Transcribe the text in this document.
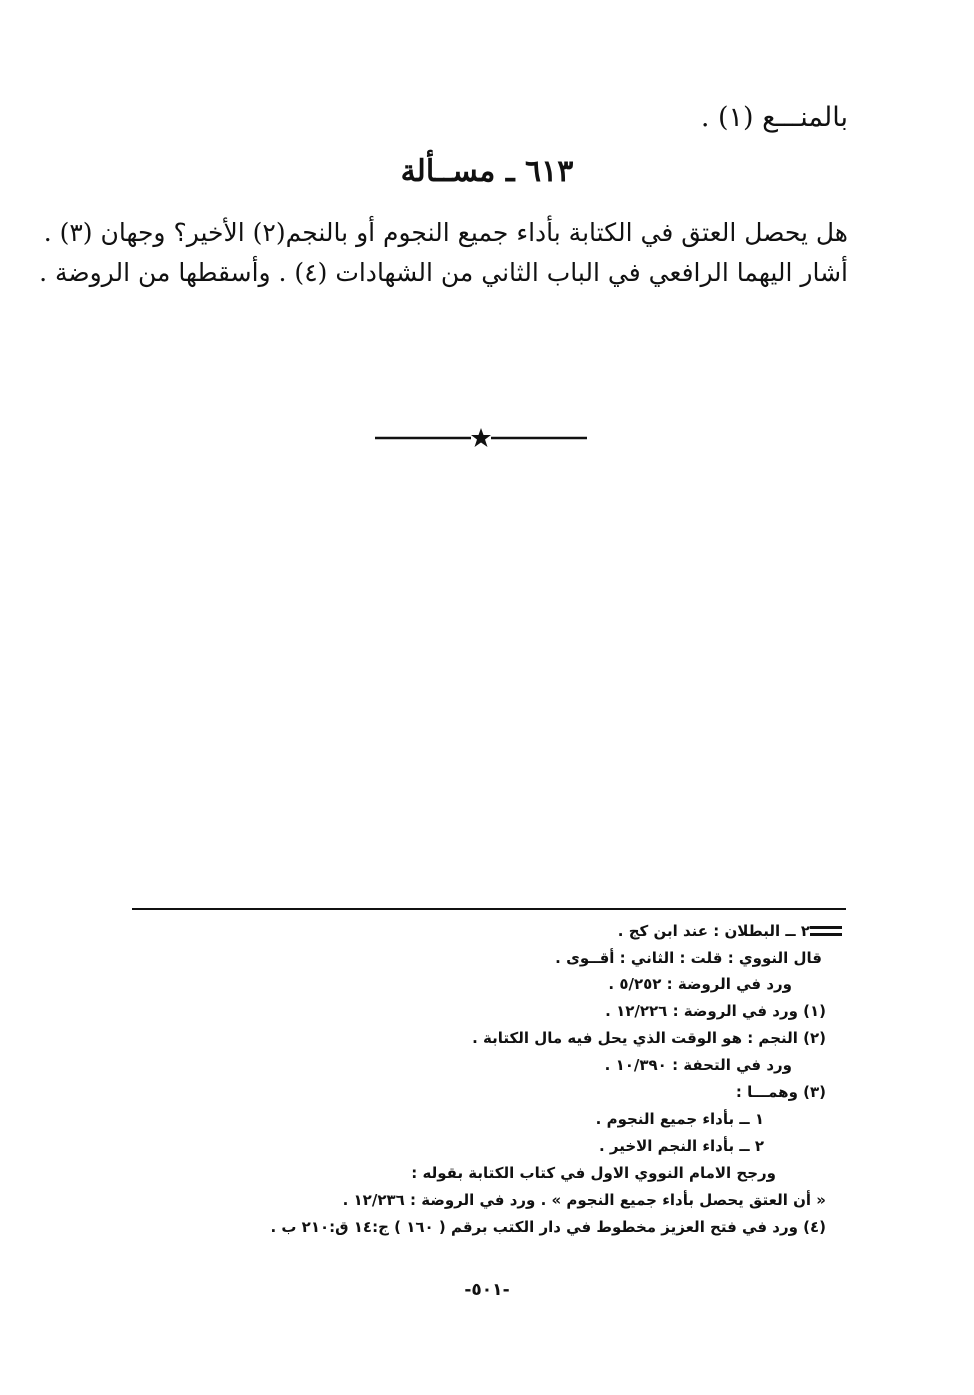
بالمنـــع (١) .
٦١٣ ـ مســألة
هل يحصل العتق في الكتابة بأداء جميع النجوم أو بالنجم(٢) الأخير؟ وجهان (٣) .
أشار اليهما الرافعي في الباب الثاني من الشهادات (٤) . وأسقطها من الروضة .
٢ ــ البطلان : عند ابن كج .
قال النووي : قلت : الثاني : أقــوى .
ورد في الروضة : ٥/٢٥٢ .
(١) ورد في الروضة : ١٢/٢٢٦ .
(٢) النجم : هو الوقت الذي يحل فيه مال الكتابة .
ورد في التحفة : ١٠/٣٩٠ .
(٣) وهمـــا :
١ ــ بأداء جميع النجوم .
٢ ــ بأداء النجم الاخير .
ورجح الامام النووي الاول في كتاب الكتابة بقوله :
« أن العتق يحصل بأداء جميع النجوم » . ورد في الروضة : ١٢/٢٣٦ .
(٤) ورد في فتح العزيز مخطوط في دار الكتب برقم ( ١٦٠ ) ج:١٤ ق:٢١٠ ب .
-٥٠١-
